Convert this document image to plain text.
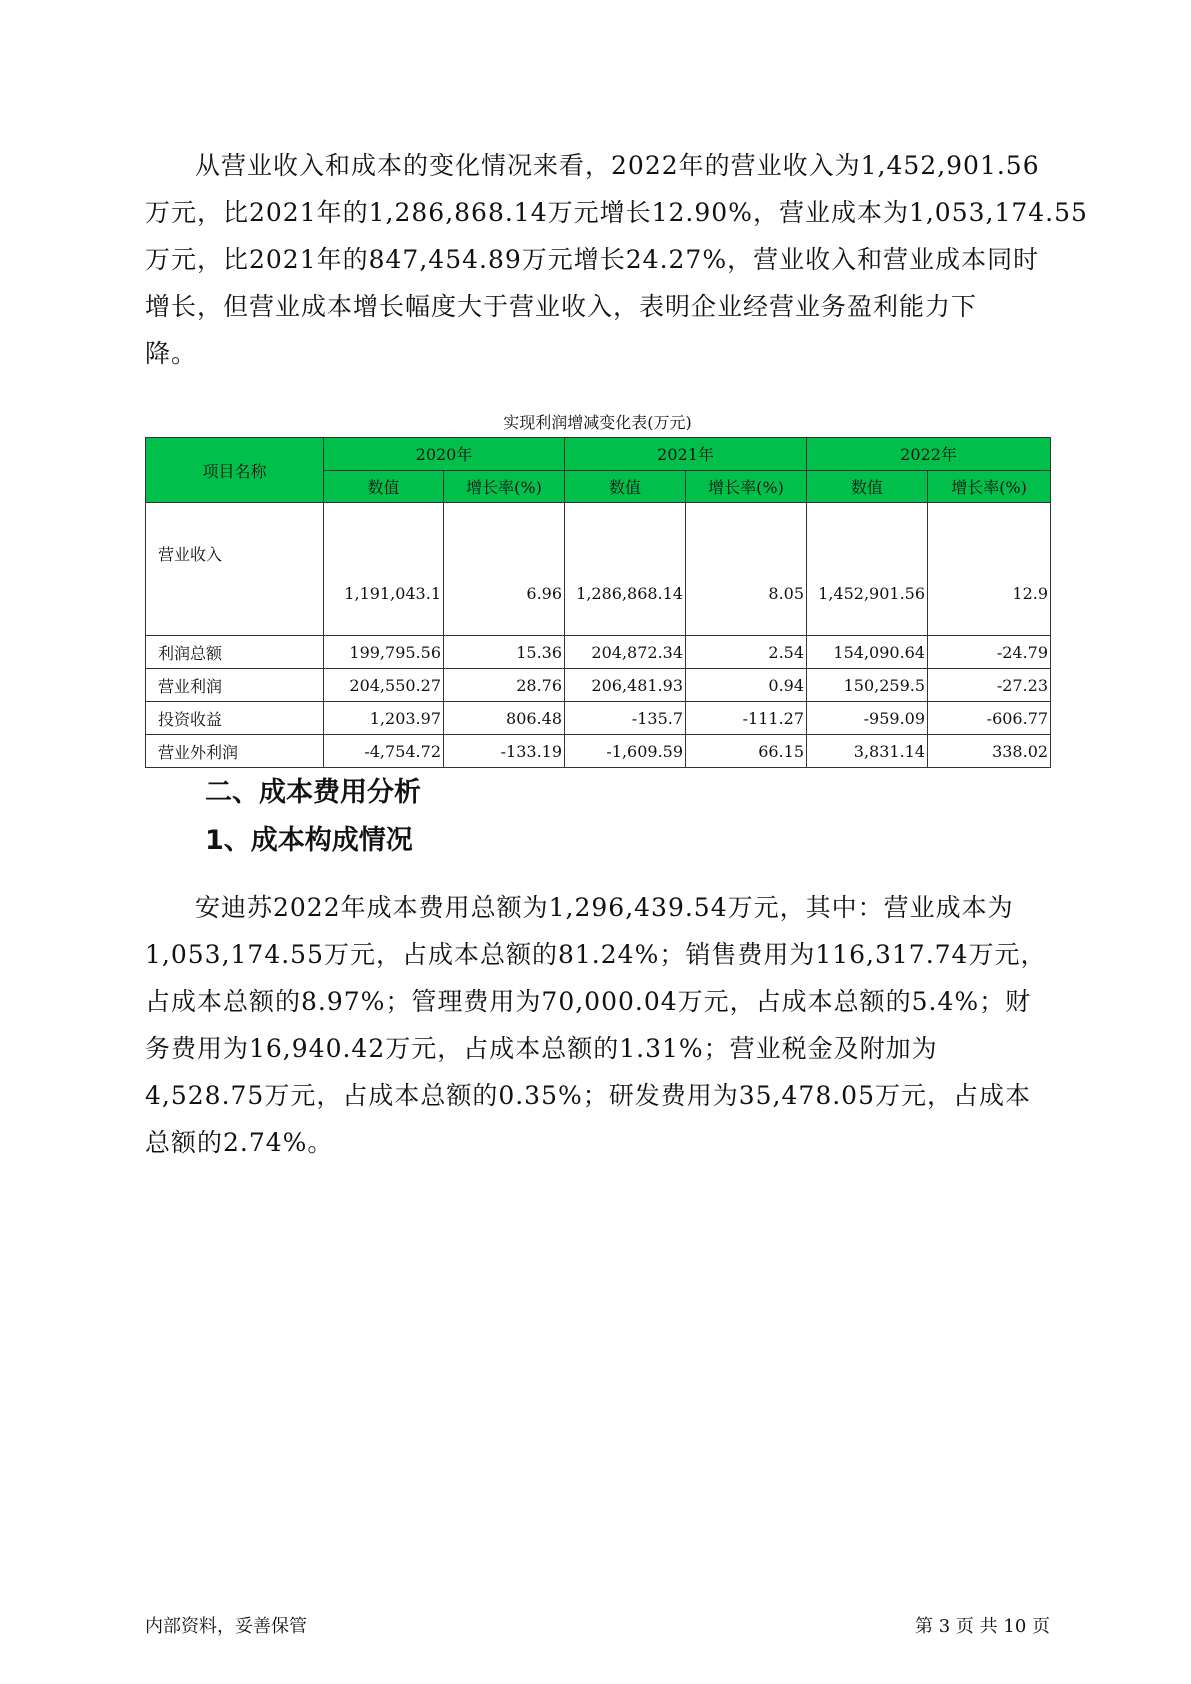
从营业收入和成本的变化情况来看，2022年的营业收入为1,452,901.56
万元，比2021年的1,286,868.14万元增长12.90%，营业成本为1,053,174.55
万元，比2021年的847,454.89万元增长24.27%，营业收入和营业成本同时
增长，但营业成本增长幅度大于营业收入，表明企业经营业务盈利能力下
降。
实现利润增减变化表(万元)
项目名称	2020年		2021年		2022年	
	数值	增长率(%)	数值	增长率(%)	数值	增长率(%)
营业收入	1,191,043.1	6.96	1,286,868.14	8.05	1,452,901.56	12.9
利润总额	199,795.56	15.36	204,872.34	2.54	154,090.64	-24.79
营业利润	204,550.27	28.76	206,481.93	0.94	150,259.5	-27.23
投资收益	1,203.97	806.48	-135.7	-111.27	-959.09	-606.77
营业外利润	-4,754.72	-133.19	-1,609.59	66.15	3,831.14	338.02
二、成本费用分析
1、成本构成情况
安迪苏2022年成本费用总额为1,296,439.54万元，其中：营业成本为
1,053,174.55万元，占成本总额的81.24%；销售费用为116,317.74万元，
占成本总额的8.97%；管理费用为70,000.04万元，占成本总额的5.4%；财
务费用为16,940.42万元，占成本总额的1.31%；营业税金及附加为
4,528.75万元，占成本总额的0.35%；研发费用为35,478.05万元，占成本
总额的2.74%。
内部资料，妥善保管	第 3 页 共 10 页
